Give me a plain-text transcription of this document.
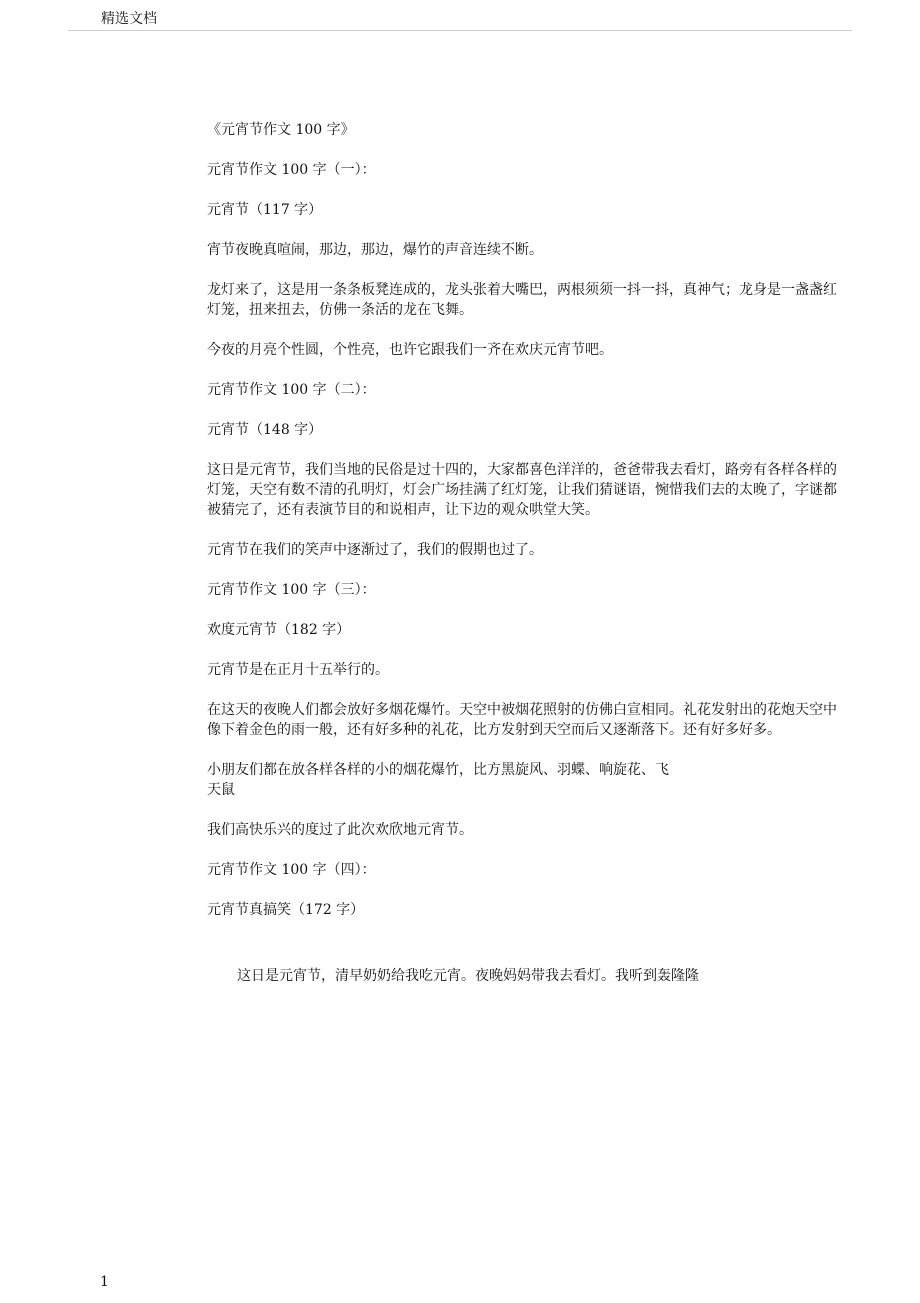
精选文档

《元宵节作文 100 字》

元宵节作文 100 字（一）：

元宵节（117 字）

宵节夜晚真喧闹，那边，那边，爆竹的声音连续不断。

龙灯来了，这是用一条条板凳连成的，龙头张着大嘴巴，两根须须一抖一抖，真神气；龙身是一盏盏红灯笼，扭来扭去，仿佛一条活的龙在飞舞。

今夜的月亮个性圆，个性亮，也许它跟我们一齐在欢庆元宵节吧。

元宵节作文 100 字（二）：

元宵节（148 字）

这日是元宵节，我们当地的民俗是过十四的，大家都喜色洋洋的，爸爸带我去看灯，路旁有各样各样的灯笼，天空有数不清的孔明灯，灯会广场挂满了红灯笼，让我们猜谜语，惋惜我们去的太晚了，字谜都被猜完了，还有表演节目的和说相声，让下边的观众哄堂大笑。

元宵节在我们的笑声中逐渐过了，我们的假期也过了。

元宵节作文 100 字（三）：

欢度元宵节（182 字）

元宵节是在正月十五举行的。

在这天的夜晚人们都会放好多烟花爆竹。天空中被烟花照射的仿佛白宣相同。礼花发射出的花炮天空中像下着金色的雨一般，还有好多种的礼花，比方发射到天空而后又逐渐落下。还有好多好多。

小朋友们都在放各样各样的小的烟花爆竹，比方黑旋风、羽蝶、响旋花、飞
天鼠

我们高快乐兴的度过了此次欢欣地元宵节。

元宵节作文 100 字（四）：

元宵节真搞笑（172 字）

这日是元宵节，清早奶奶给我吃元宵。夜晚妈妈带我去看灯。我听到轰隆隆

1
